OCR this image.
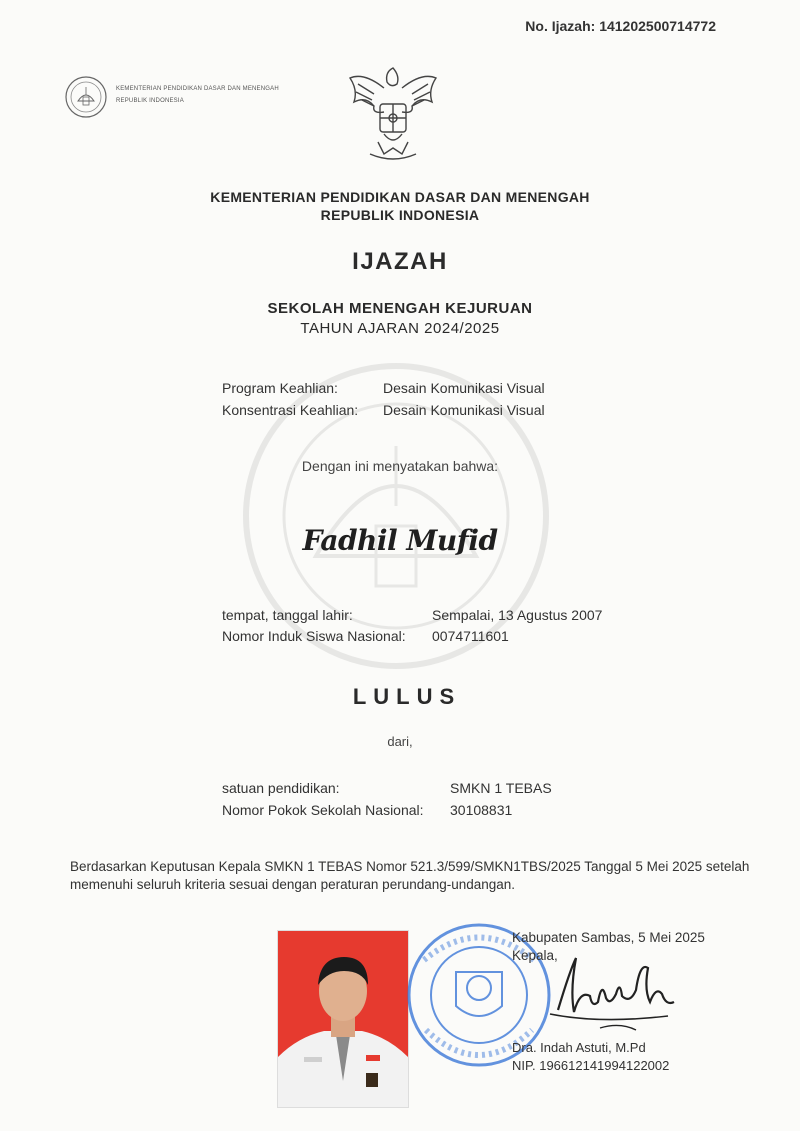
No. Ijazah: 141202500714772
KEMENTERIAN PENDIDIKAN DASAR DAN MENENGAH
REPUBLIK INDONESIA
KEMENTERIAN PENDIDIKAN DASAR DAN MENENGAH
REPUBLIK INDONESIA
IJAZAH
SEKOLAH MENENGAH KEJURUAN
TAHUN AJARAN 2024/2025
Program Keahlian:	Desain Komunikasi Visual
Konsentrasi Keahlian: Desain Komunikasi Visual
Dengan ini menyatakan bahwa:
Fadhil Mufid
tempat, tanggal lahir:	Sempalai, 13 Agustus 2007
Nomor Induk Siswa Nasional: 0074711601
LULUS
dari,
satuan pendidikan:	SMKN 1 TEBAS
Nomor Pokok Sekolah Nasional: 30108831
Berdasarkan Keputusan Kepala SMKN 1 TEBAS Nomor 521.3/599/SMKN1TBS/2025 Tanggal 5 Mei 2025 setelah memenuhi seluruh kriteria sesuai dengan peraturan perundang-undangan.
Kabupaten Sambas, 5 Mei 2025
Kepala,
Dra. Indah Astuti, M.Pd
NIP. 196612141994122002
